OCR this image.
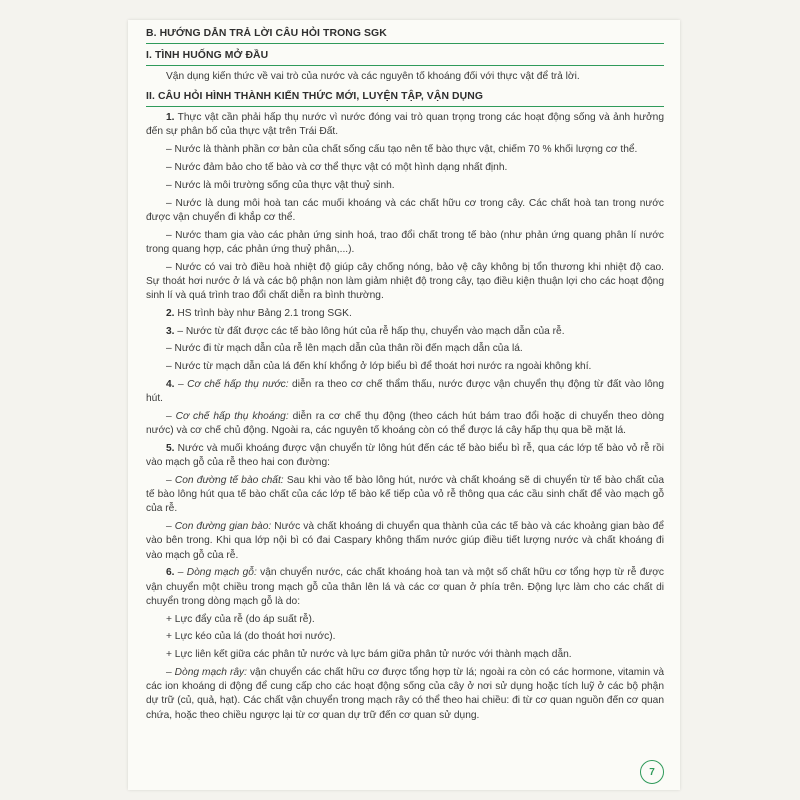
B. HƯỚNG DẪN TRẢ LỜI CÂU HỎI TRONG SGK
I. TÌNH HUỐNG MỞ ĐẦU

Vận dụng kiến thức về vai trò của nước và các nguyên tố khoáng đối với thực vật để trả lời.

II. CÂU HỎI HÌNH THÀNH KIẾN THỨC MỚI, LUYỆN TẬP, VẬN DỤNG

1. Thực vật cần phải hấp thụ nước vì nước đóng vai trò quan trọng trong các hoạt động sống và ảnh hưởng đến sự phân bố của thực vật trên Trái Đất.

– Nước là thành phần cơ bản của chất sống cấu tạo nên tế bào thực vật, chiếm 70 % khối lượng cơ thể.

– Nước đảm bảo cho tế bào và cơ thể thực vật có một hình dạng nhất định.

– Nước là môi trường sống của thực vật thuỷ sinh.

– Nước là dung môi hoà tan các muối khoáng và các chất hữu cơ trong cây. Các chất hoà tan trong nước được vận chuyển đi khắp cơ thể.

– Nước tham gia vào các phản ứng sinh hoá, trao đổi chất trong tế bào (như phản ứng quang phân lí nước trong quang hợp, các phản ứng thuỷ phân,...).

– Nước có vai trò điều hoà nhiệt độ giúp cây chống nóng, bảo vệ cây không bị tổn thương khi nhiệt độ cao. Sự thoát hơi nước ở lá và các bộ phận non làm giảm nhiệt độ trong cây, tạo điều kiện thuận lợi cho các hoạt động sinh lí và quá trình trao đổi chất diễn ra bình thường.

2. HS trình bày như Bảng 2.1 trong SGK.

3. – Nước từ đất được các tế bào lông hút của rễ hấp thụ, chuyển vào mạch dẫn của rễ.

– Nước đi từ mạch dẫn của rễ lên mạch dẫn của thân rồi đến mạch dẫn của lá.

– Nước từ mạch dẫn của lá đến khí khổng ở lớp biểu bì để thoát hơi nước ra ngoài không khí.

4. – Cơ chế hấp thụ nước: diễn ra theo cơ chế thẩm thấu, nước được vận chuyển thụ động từ đất vào lông hút.

– Cơ chế hấp thụ khoáng: diễn ra cơ chế thụ động (theo cách hút bám trao đổi hoặc di chuyển theo dòng nước) và cơ chế chủ động. Ngoài ra, các nguyên tố khoáng còn có thể được lá cây hấp thụ qua bề mặt lá.

5. Nước và muối khoáng được vận chuyển từ lông hút đến các tế bào biểu bì rễ, qua các lớp tế bào vỏ rễ rồi vào mạch gỗ của rễ theo hai con đường:

– Con đường tế bào chất: Sau khi vào tế bào lông hút, nước và chất khoáng sẽ di chuyển từ tế bào chất của tế bào lông hút qua tế bào chất của các lớp tế bào kế tiếp của vỏ rễ thông qua các cầu sinh chất để vào mạch gỗ của rễ.

– Con đường gian bào: Nước và chất khoáng di chuyển qua thành của các tế bào và các khoảng gian bào để vào bên trong. Khi qua lớp nội bì có đai Caspary không thấm nước giúp điều tiết lượng nước và chất khoáng đi vào mạch gỗ của rễ.

6. – Dòng mạch gỗ: vận chuyển nước, các chất khoáng hoà tan và một số chất hữu cơ tổng hợp từ rễ được vận chuyển một chiều trong mạch gỗ của thân lên lá và các cơ quan ở phía trên. Động lực làm cho các chất di chuyển trong dòng mạch gỗ là do:

+ Lực đẩy của rễ (do áp suất rễ).

+ Lực kéo của lá (do thoát hơi nước).

+ Lực liên kết giữa các phân tử nước và lực bám giữa phân tử nước với thành mạch dẫn.

– Dòng mạch rây: vận chuyển các chất hữu cơ được tổng hợp từ lá; ngoài ra còn có các hormone, vitamin và các ion khoáng di động để cung cấp cho các hoạt động sống của cây ở nơi sử dụng hoặc tích luỹ ở các bộ phận dự trữ (củ, quả, hạt). Các chất vận chuyển trong mạch rây có thể theo hai chiều: đi từ cơ quan nguồn đến cơ quan chứa, hoặc theo chiều ngược lại từ cơ quan dự trữ đến cơ quan sử dụng.

7
